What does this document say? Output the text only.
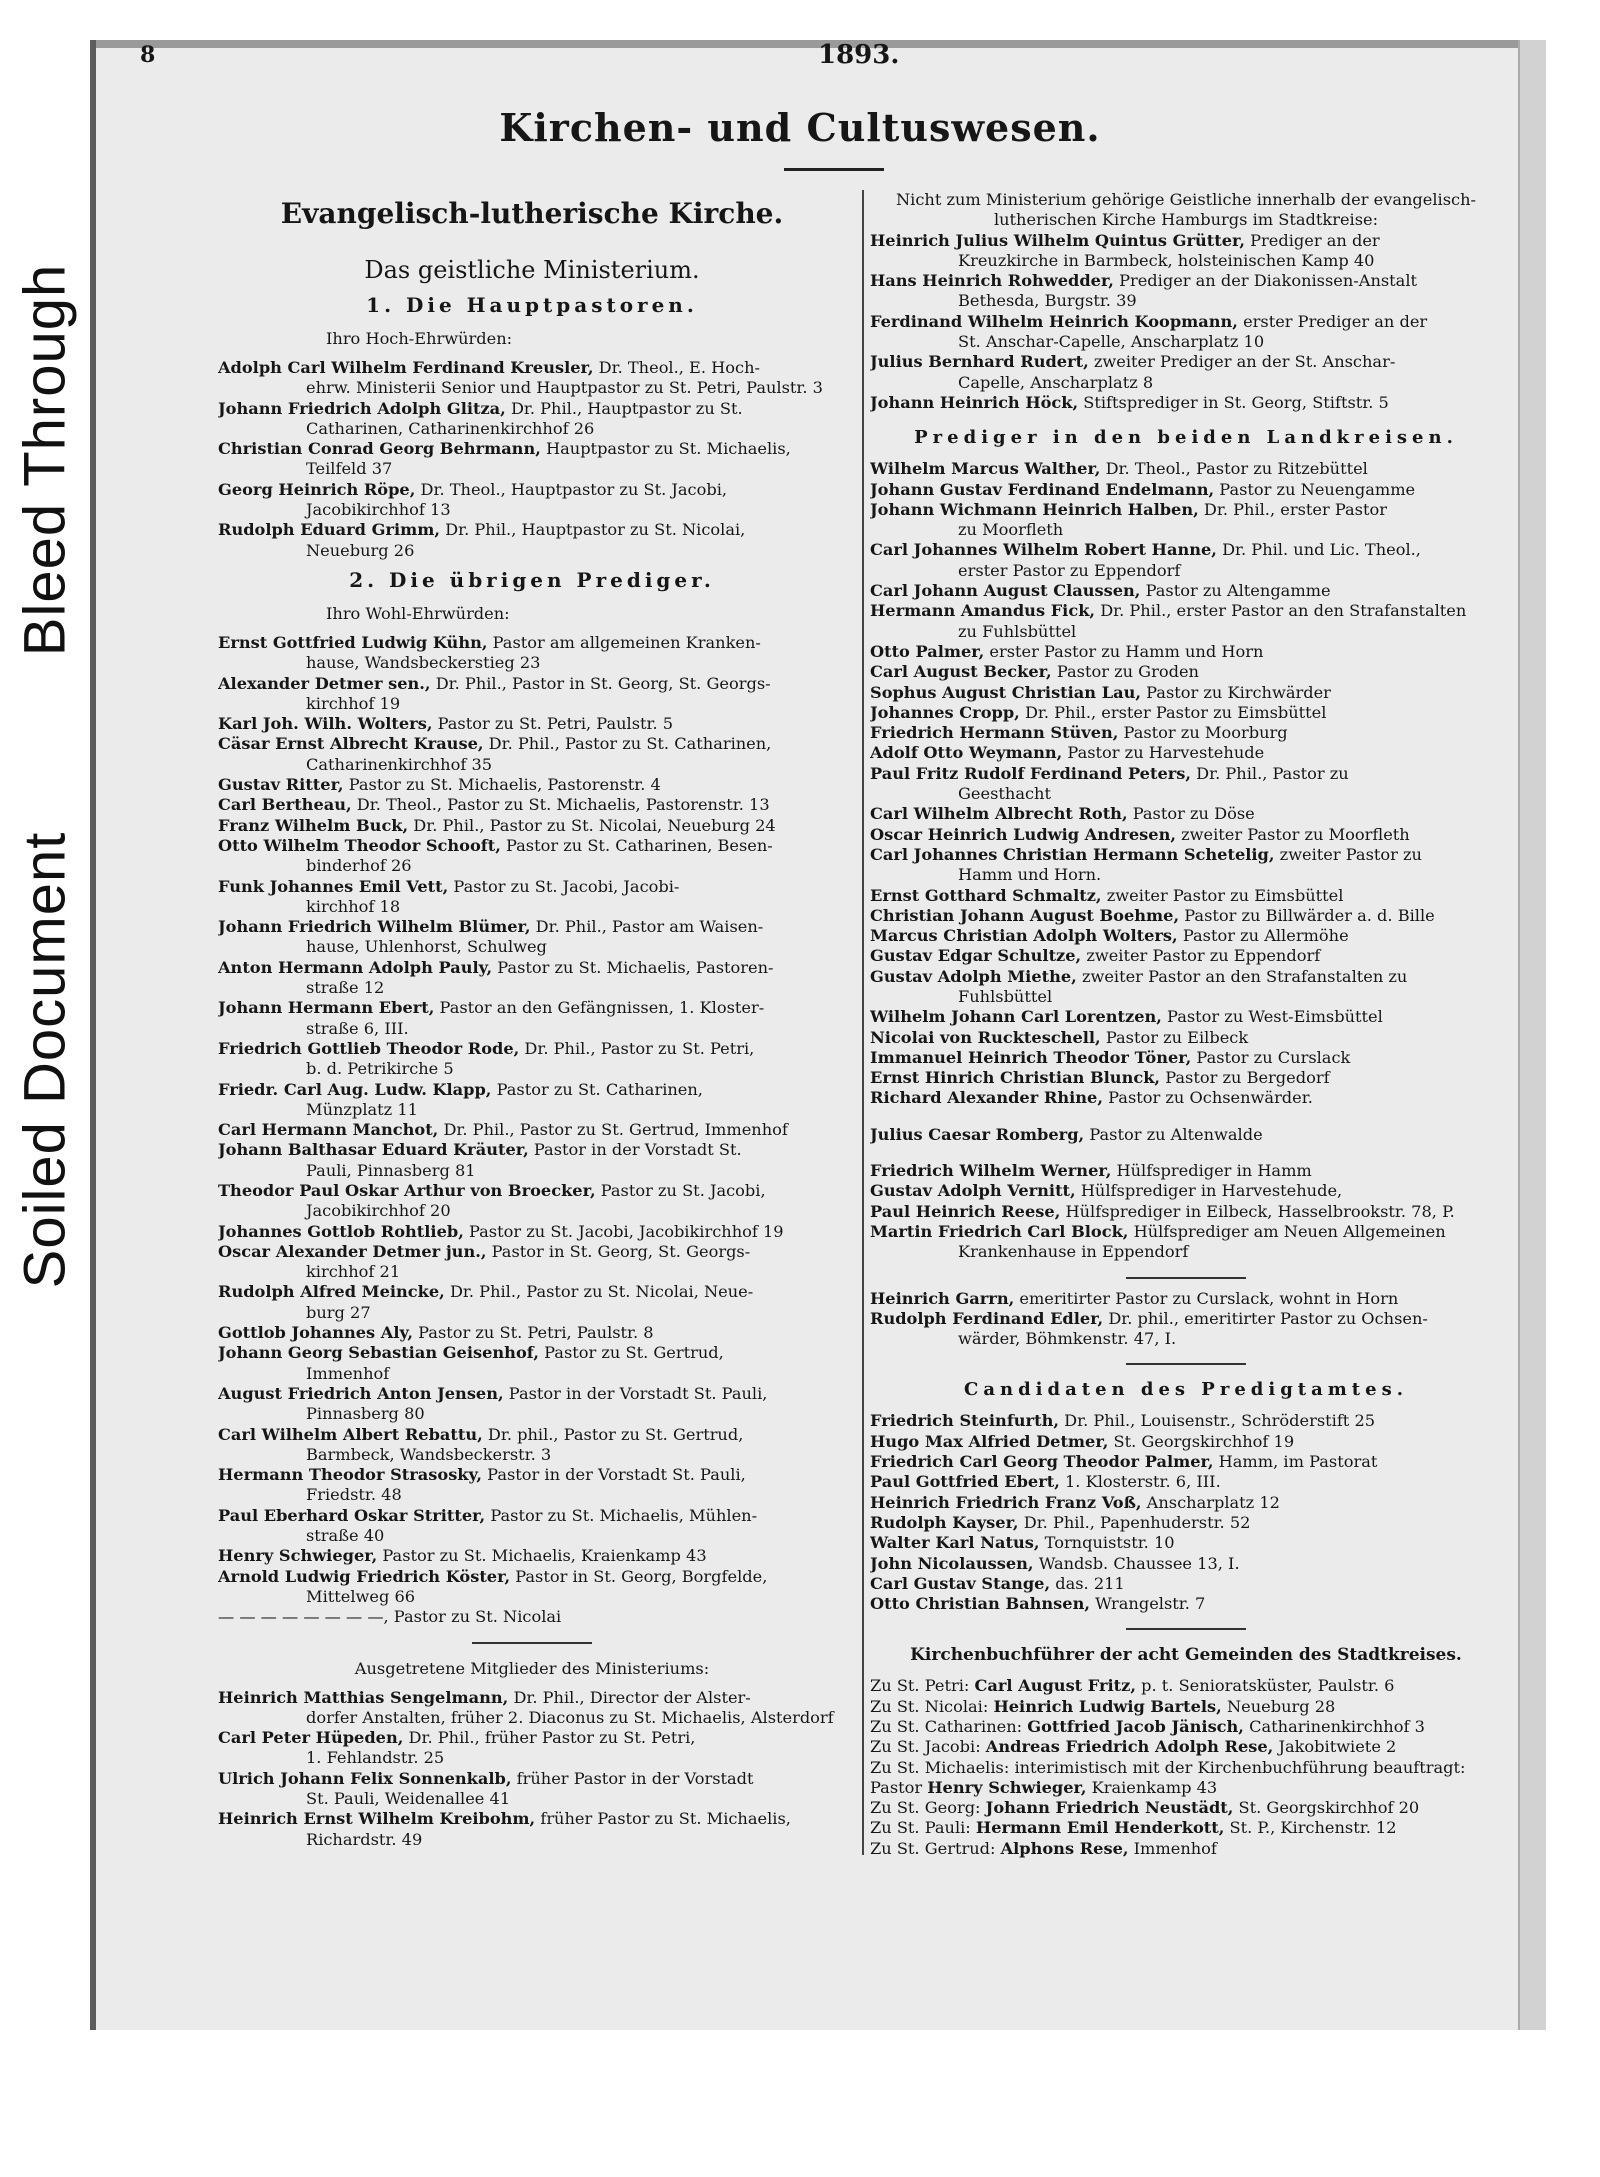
Bleed Through
Soiled Document
8	1893.
Kirchen- und Cultuswesen.
Evangelisch-lutherische Kirche.
Das geistliche Ministerium.
1. Die Hauptpastoren.
Ihro Hoch-Ehrwürden:
Adolph Carl Wilhelm Ferdinand Kreusler, Dr. Theol., E. Hoch-
ehrw. Ministerii Senior und Hauptpastor zu St. Petri, Paulstr. 3
Johann Friedrich Adolph Glitza, Dr. Phil., Hauptpastor zu St.
Catharinen, Catharinenkirchhof 26
Christian Conrad Georg Behrmann, Hauptpastor zu St. Michaelis,
Teilfeld 37
Georg Heinrich Röpe, Dr. Theol., Hauptpastor zu St. Jacobi,
Jacobikirchhof 13
Rudolph Eduard Grimm, Dr. Phil., Hauptpastor zu St. Nicolai,
Neueburg 26
2. Die übrigen Prediger.
Ihro Wohl-Ehrwürden:
Ernst Gottfried Ludwig Kühn, Pastor am allgemeinen Kranken-
hause, Wandsbeckerstieg 23
Alexander Detmer sen., Dr. Phil., Pastor in St. Georg, St. Georgs-
kirchhof 19
Karl Joh. Wilh. Wolters, Pastor zu St. Petri, Paulstr. 5
Cäsar Ernst Albrecht Krause, Dr. Phil., Pastor zu St. Catharinen,
Catharinenkirchhof 35
Gustav Ritter, Pastor zu St. Michaelis, Pastorenstr. 4
Carl Bertheau, Dr. Theol., Pastor zu St. Michaelis, Pastorenstr. 13
Franz Wilhelm Buck, Dr. Phil., Pastor zu St. Nicolai, Neueburg 24
Otto Wilhelm Theodor Schooft, Pastor zu St. Catharinen, Besen-
binderhof 26
Funk Johannes Emil Vett, Pastor zu St. Jacobi, Jacobi-
kirchhof 18
Johann Friedrich Wilhelm Blümer, Dr. Phil., Pastor am Waisen-
hause, Uhlenhorst, Schulweg
Anton Hermann Adolph Pauly, Pastor zu St. Michaelis, Pastoren-
straße 12
Johann Hermann Ebert, Pastor an den Gefängnissen, 1. Kloster-
straße 6, III.
Friedrich Gottlieb Theodor Rode, Dr. Phil., Pastor zu St. Petri,
b. d. Petrikirche 5
Friedr. Carl Aug. Ludw. Klapp, Pastor zu St. Catharinen,
Münzplatz 11
Carl Hermann Manchot, Dr. Phil., Pastor zu St. Gertrud, Immenhof
Johann Balthasar Eduard Kräuter, Pastor in der Vorstadt St.
Pauli, Pinnasberg 81
Theodor Paul Oskar Arthur von Broecker, Pastor zu St. Jacobi,
Jacobikirchhof 20
Johannes Gottlob Rohtlieb, Pastor zu St. Jacobi, Jacobikirchhof 19
Oscar Alexander Detmer jun., Pastor in St. Georg, St. Georgs-
kirchhof 21
Rudolph Alfred Meincke, Dr. Phil., Pastor zu St. Nicolai, Neue-
burg 27
Gottlob Johannes Aly, Pastor zu St. Petri, Paulstr. 8
Johann Georg Sebastian Geisenhof, Pastor zu St. Gertrud,
Immenhof
August Friedrich Anton Jensen, Pastor in der Vorstadt St. Pauli,
Pinnasberg 80
Carl Wilhelm Albert Rebattu, Dr. phil., Pastor zu St. Gertrud,
Barmbeck, Wandsbeckerstr. 3
Hermann Theodor Strasosky, Pastor in der Vorstadt St. Pauli,
Friedstr. 48
Paul Eberhard Oskar Stritter, Pastor zu St. Michaelis, Mühlen-
straße 40
Henry Schwieger, Pastor zu St. Michaelis, Kraienkamp 43
Arnold Ludwig Friedrich Köster, Pastor in St. Georg, Borgfelde,
Mittelweg 66
— — — — — — — —, Pastor zu St. Nicolai
Ausgetretene Mitglieder des Ministeriums:
Heinrich Matthias Sengelmann, Dr. Phil., Director der Alster-
dorfer Anstalten, früher 2. Diaconus zu St. Michaelis, Alsterdorf
Carl Peter Hüpeden, Dr. Phil., früher Pastor zu St. Petri,
1. Fehlandstr. 25
Ulrich Johann Felix Sonnenkalb, früher Pastor in der Vorstadt
St. Pauli, Weidenallee 41
Heinrich Ernst Wilhelm Kreibohm, früher Pastor zu St. Michaelis,
Richardstr. 49
Nicht zum Ministerium gehörige Geistliche innerhalb der evangelisch-
lutherischen Kirche Hamburgs im Stadtkreise:
Heinrich Julius Wilhelm Quintus Grütter, Prediger an der
Kreuzkirche in Barmbeck, holsteinischen Kamp 40
Hans Heinrich Rohwedder, Prediger an der Diakonissen-Anstalt
Bethesda, Burgstr. 39
Ferdinand Wilhelm Heinrich Koopmann, erster Prediger an der
St. Anschar-Capelle, Anscharplatz 10
Julius Bernhard Rudert, zweiter Prediger an der St. Anschar-
Capelle, Anscharplatz 8
Johann Heinrich Höck, Stiftsprediger in St. Georg, Stiftstr. 5
Prediger in den beiden Landkreisen.
Wilhelm Marcus Walther, Dr. Theol., Pastor zu Ritzebüttel
Johann Gustav Ferdinand Endelmann, Pastor zu Neuengamme
Johann Wichmann Heinrich Halben, Dr. Phil., erster Pastor
zu Moorfleth
Carl Johannes Wilhelm Robert Hanne, Dr. Phil. und Lic. Theol.,
erster Pastor zu Eppendorf
Carl Johann August Claussen, Pastor zu Altengamme
Hermann Amandus Fick, Dr. Phil., erster Pastor an den Strafanstalten
zu Fuhlsbüttel
Otto Palmer, erster Pastor zu Hamm und Horn
Carl August Becker, Pastor zu Groden
Sophus August Christian Lau, Pastor zu Kirchwärder
Johannes Cropp, Dr. Phil., erster Pastor zu Eimsbüttel
Friedrich Hermann Stüven, Pastor zu Moorburg
Adolf Otto Weymann, Pastor zu Harvestehude
Paul Fritz Rudolf Ferdinand Peters, Dr. Phil., Pastor zu
Geesthacht
Carl Wilhelm Albrecht Roth, Pastor zu Döse
Oscar Heinrich Ludwig Andresen, zweiter Pastor zu Moorfleth
Carl Johannes Christian Hermann Schetelig, zweiter Pastor zu
Hamm und Horn.
Ernst Gotthard Schmaltz, zweiter Pastor zu Eimsbüttel
Christian Johann August Boehme, Pastor zu Billwärder a. d. Bille
Marcus Christian Adolph Wolters, Pastor zu Allermöhe
Gustav Edgar Schultze, zweiter Pastor zu Eppendorf
Gustav Adolph Miethe, zweiter Pastor an den Strafanstalten zu
Fuhlsbüttel
Wilhelm Johann Carl Lorentzen, Pastor zu West-Eimsbüttel
Nicolai von Ruckteschell, Pastor zu Eilbeck
Immanuel Heinrich Theodor Töner, Pastor zu Curslack
Ernst Hinrich Christian Blunck, Pastor zu Bergedorf
Richard Alexander Rhine, Pastor zu Ochsenwärder.
Julius Caesar Romberg, Pastor zu Altenwalde
Friedrich Wilhelm Werner, Hülfsprediger in Hamm
Gustav Adolph Vernitt, Hülfsprediger in Harvestehude,
Paul Heinrich Reese, Hülfsprediger in Eilbeck, Hasselbrookstr. 78, P.
Martin Friedrich Carl Block, Hülfsprediger am Neuen Allgemeinen
Krankenhause in Eppendorf
Heinrich Garrn, emeritirter Pastor zu Curslack, wohnt in Horn
Rudolph Ferdinand Edler, Dr. phil., emeritirter Pastor zu Ochsen-
wärder, Böhmkenstr. 47, I.
Candidaten des Predigtamtes.
Friedrich Steinfurth, Dr. Phil., Louisenstr., Schröderstift 25
Hugo Max Alfried Detmer, St. Georgskirchhof 19
Friedrich Carl Georg Theodor Palmer, Hamm, im Pastorat
Paul Gottfried Ebert, 1. Klosterstr. 6, III.
Heinrich Friedrich Franz Voß, Anscharplatz 12
Rudolph Kayser, Dr. Phil., Papenhuderstr. 52
Walter Karl Natus, Tornquiststr. 10
John Nicolaussen, Wandsb. Chaussee 13, I.
Carl Gustav Stange, das. 211
Otto Christian Bahnsen, Wrangelstr. 7
Kirchenbuchführer der acht Gemeinden des Stadtkreises.
Zu St. Petri: Carl August Fritz, p. t. Senioratsküster, Paulstr. 6
Zu St. Nicolai: Heinrich Ludwig Bartels, Neueburg 28
Zu St. Catharinen: Gottfried Jacob Jänisch, Catharinenkirchhof 3
Zu St. Jacobi: Andreas Friedrich Adolph Rese, Jakobitwiete 2
Zu St. Michaelis: interimistisch mit der Kirchenbuchführung beauftragt:
Pastor Henry Schwieger, Kraienkamp 43
Zu St. Georg: Johann Friedrich Neustädt, St. Georgskirchhof 20
Zu St. Pauli: Hermann Emil Henderkott, St. P., Kirchenstr. 12
Zu St. Gertrud: Alphons Rese, Immenhof
